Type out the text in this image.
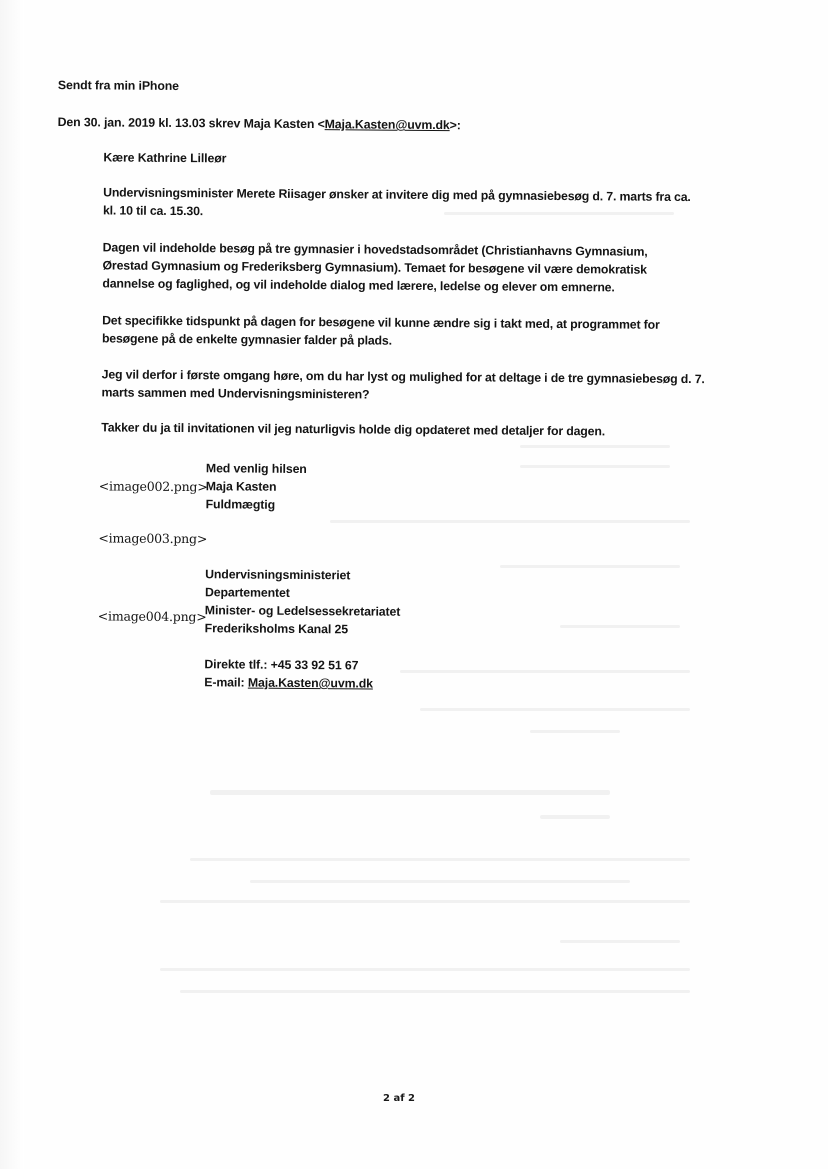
Sendt fra min iPhone
Den 30. jan. 2019 kl. 13.03 skrev Maja Kasten <Maja.Kasten@uvm.dk>:
Kære Kathrine Lilleør

Undervisningsminister Merete Riisager ønsker at invitere dig med på gymnasiebesøg d. 7. marts fra ca. kl. 10 til ca. 15.30.

Dagen vil indeholde besøg på tre gymnasier i hovedstadsområdet (Christianhavns Gymnasium, Ørestad Gymnasium og Frederiksberg Gymnasium). Temaet for besøgene vil være demokratisk dannelse og faglighed, og vil indeholde dialog med lærere, ledelse og elever om emnerne.

Det specifikke tidspunkt på dagen for besøgene vil kunne ændre sig i takt med, at programmet for besøgene på de enkelte gymnasier falder på plads.

Jeg vil derfor i første omgang høre, om du har lyst og mulighed for at deltage i de tre gymnasiebesøg d. 7. marts sammen med Undervisningsministeren?

Takker du ja til invitationen vil jeg naturligvis holde dig opdateret med detaljer for dagen.

Med venlig hilsen
<image002.png>
Maja Kasten
Fuldmægtig
<image003.png>
Undervisningsministeriet
Departementet
Minister- og Ledelsessekretariatet
<image004.png>
Frederiksholms Kanal 25
Direkte tlf.: +45 33 92 51 67
E-mail: Maja.Kasten@uvm.dk
2 af 2
